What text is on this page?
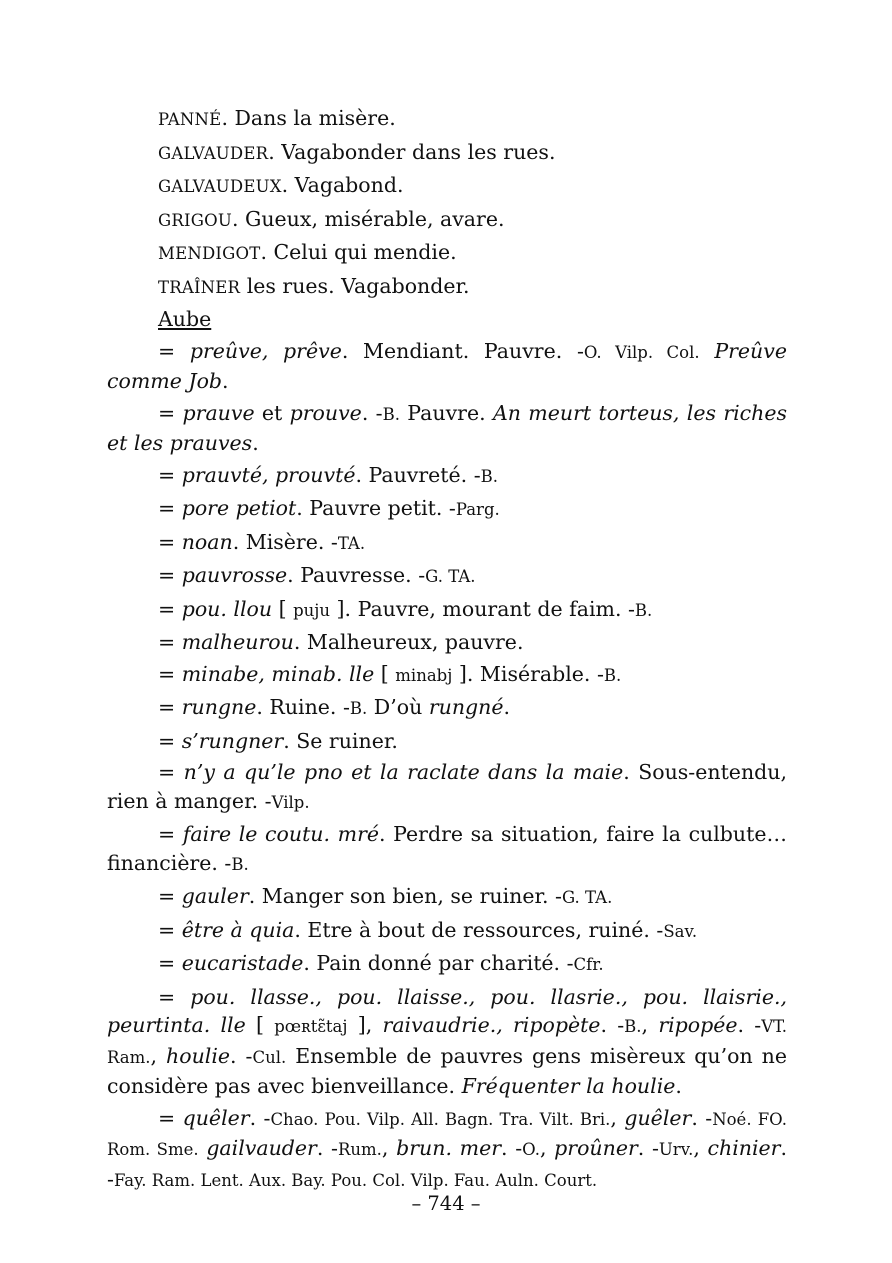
PANNÉ. Dans la misère.

GALVAUDER. Vagabonder dans les rues.

GALVAUDEUX. Vagabond.

GRIGOU. Gueux, misérable, avare.

MENDIGOT. Celui qui mendie.

TRAÎNER les rues. Vagabonder.

Aube

= preûve, prêve. Mendiant. Pauvre. -O. Vilp. Col. Preûve comme Job.

= prauve et prouve. -B. Pauvre. An meurt torteus, les riches et les prauves.

= prauvté, prouvté. Pauvreté. -B.

= pore petiot. Pauvre petit. -Parg.

= noan. Misère. -TA.

= pauvrosse. Pauvresse. -G. TA.

= pou. llou [ puju ]. Pauvre, mourant de faim. -B.

= malheurou. Malheureux, pauvre.

= minabe, minab. lle [ minabj ]. Misérable. -B.

= rungne. Ruine. -B. D’où rungné.

= s’rungner. Se ruiner.

= n’y a qu’le pno et la raclate dans la maie. Sous-entendu, rien à manger. -Vilp.

= faire le coutu. mré. Perdre sa situation, faire la culbute… financière. -B.

= gauler. Manger son bien, se ruiner. -G. TA.

= être à quia. Etre à bout de ressources, ruiné. -Sav.

= eucaristade. Pain donné par charité. -Cfr.

= pou. llasse., pou. llaisse., pou. llasrie., pou. llaisrie., peurtinta. lle [ pœʀtɛ̃taj ], raivaudrie., ripopète. -B., ripopée. -VT. Ram., houlie. -Cul. Ensemble de pauvres gens misèreux qu’on ne considère pas avec bienveillance. Fréquenter la houlie.

= quêler. -Chao. Pou. Vilp. All. Bagn. Tra. Vilt. Bri., guêler. -Noé. FO. Rom. Sme. gailvauder. -Rum., brun. mer. -O., proûner. -Urv., chinier. -Fay. Ram. Lent. Aux. Bay. Pou. Col. Vilp. Fau. Auln. Court.

– 744 –
